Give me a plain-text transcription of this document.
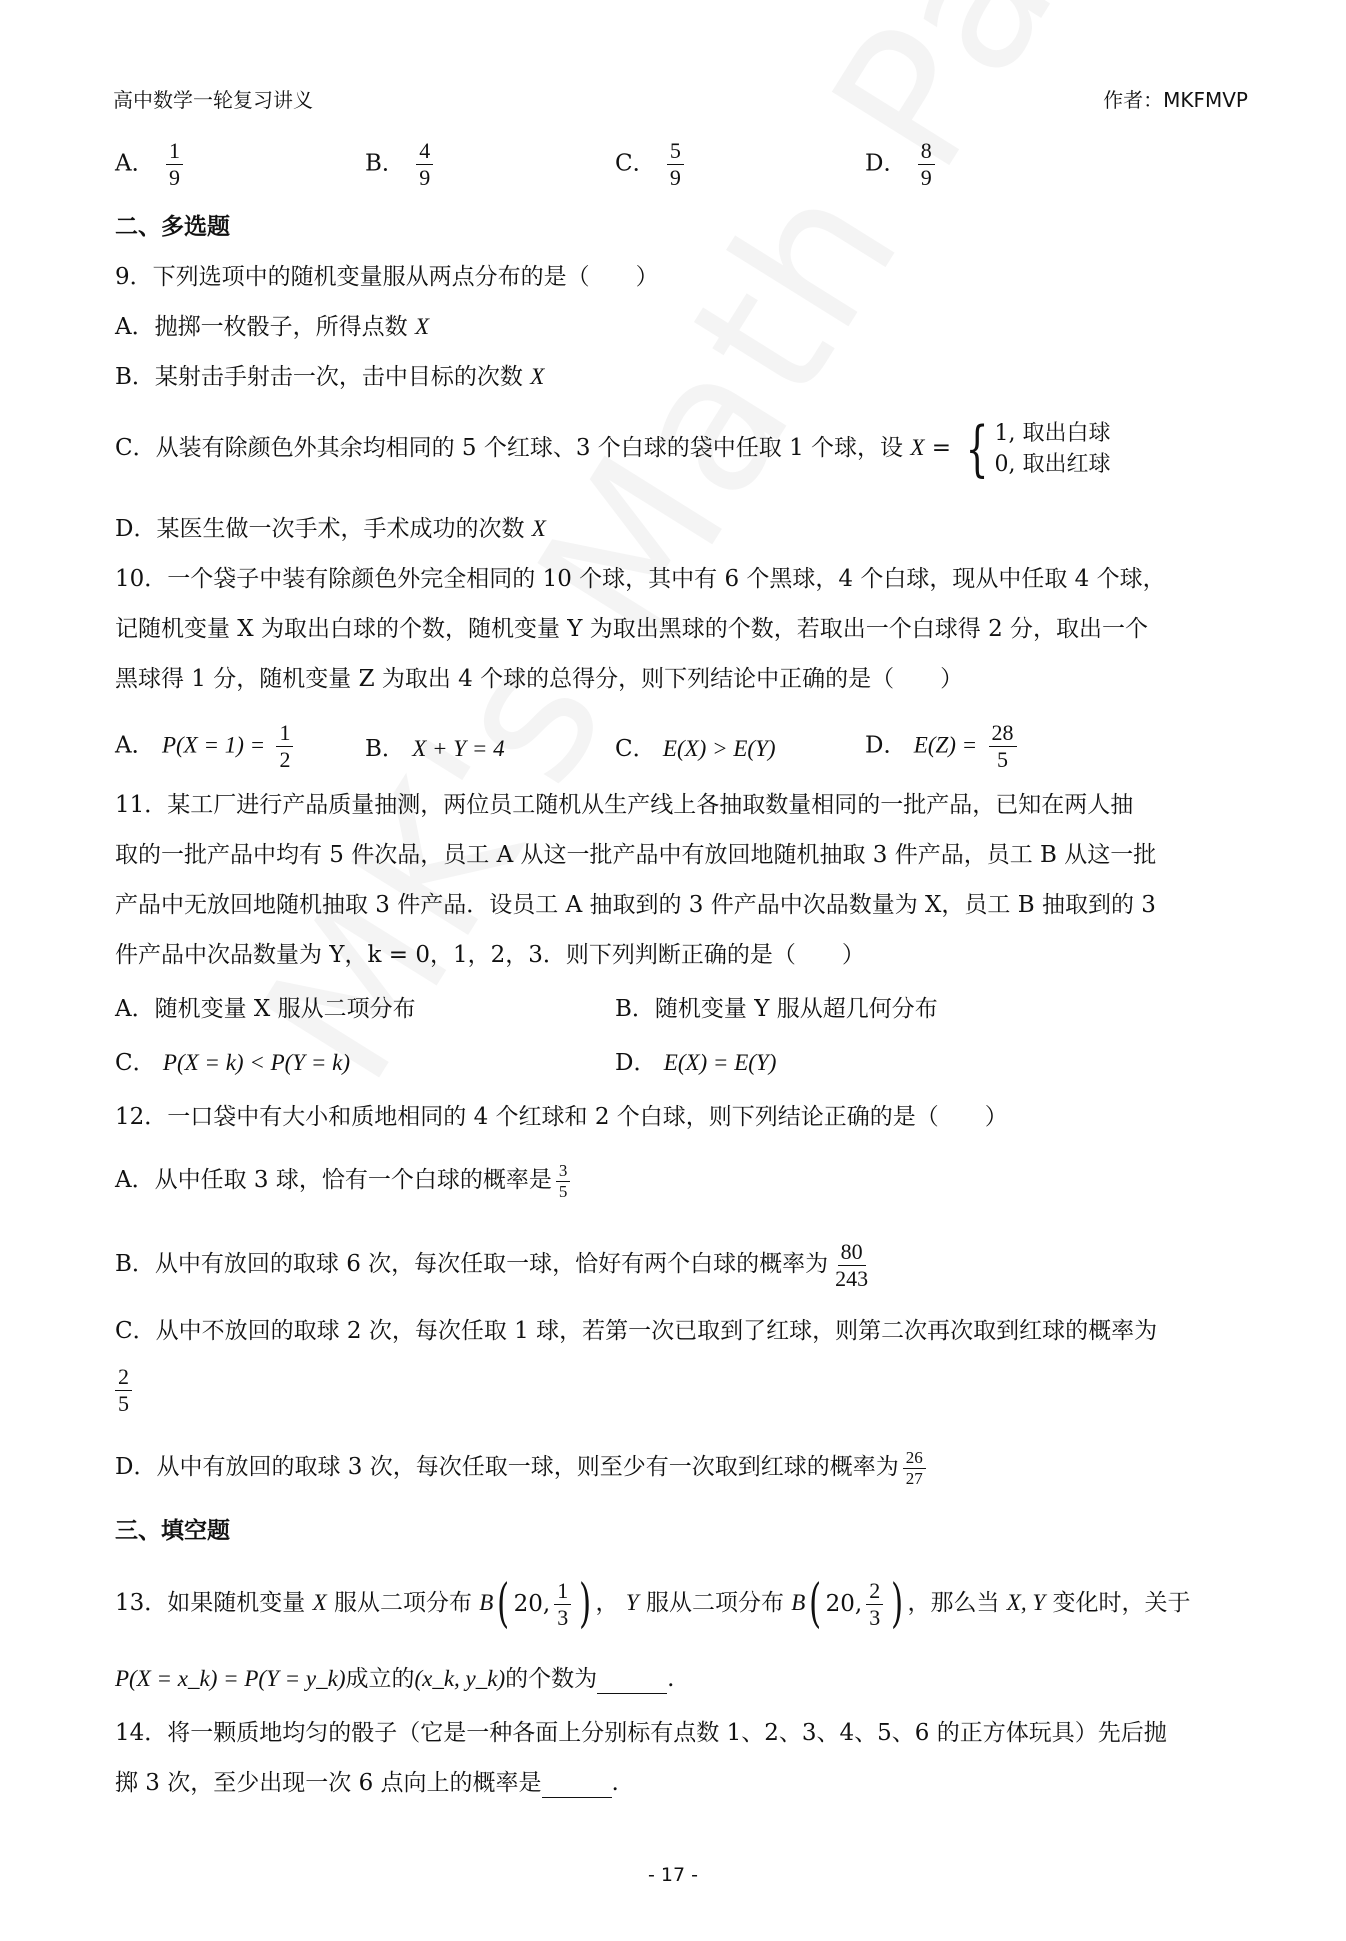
高中数学一轮复习讲义	作者：MKFMVP
A． $\frac{1}{9}$	B． $\frac{4}{9}$	C． $\frac{5}{9}$	D． $\frac{8}{9}$
二、多选题
9．下列选项中的随机变量服从两点分布的是（　　）
A．抛掷一枚骰子，所得点数 X
B．某射击手射击一次，击中目标的次数 X
C．从装有除颜色外其余均相同的 5 个红球、3 个白球的袋中任取 1 个球，设 X = { 1, 取出白球
0, 取出红球
D．某医生做一次手术，手术成功的次数 X
10．一个袋子中装有除颜色外完全相同的 10 个球，其中有 6 个黑球，4 个白球，现从中任取 4 个球，
记随机变量 X 为取出白球的个数，随机变量 Y 为取出黑球的个数，若取出一个白球得 2 分，取出一个
黑球得 1 分，随机变量 Z 为取出 4 个球的总得分，则下列结论中正确的是（　　）
A． $P(X = 1) = \frac{1}{2}$	B． X + Y = 4	C． E(X) > E(Y)	D． $E(Z) = \frac{28}{5}$
11．某工厂进行产品质量抽测，两位员工随机从生产线上各抽取数量相同的一批产品，已知在两人抽
取的一批产品中均有 5 件次品，员工 A 从这一批产品中有放回地随机抽取 3 件产品，员工 B 从这一批
产品中无放回地随机抽取 3 件产品．设员工 A 抽取到的 3 件产品中次品数量为 X，员工 B 抽取到的 3
件产品中次品数量为 Y，k = 0，1，2，3．则下列判断正确的是（　　）
A．随机变量 X 服从二项分布	B．随机变量 Y 服从超几何分布
C． P(X = k) < P(Y = k)	D． E(X) = E(Y)
12．一口袋中有大小和质地相同的 4 个红球和 2 个白球，则下列结论正确的是（　　）
A．从中任取 3 球，恰有一个白球的概率是 $\frac{3}{5}$
B．从中有放回的取球 6 次，每次任取一球，恰好有两个白球的概率为 $\frac{80}{243}$
C．从中不放回的取球 2 次，每次任取 1 球，若第一次已取到了红球，则第二次再次取到红球的概率为
$\frac{2}{5}$
D．从中有放回的取球 3 次，每次任取一球，则至少有一次取到红球的概率为 $\frac{26}{27}$
三、填空题
13．如果随机变量 X 服从二项分布 B ( 20, $\frac{1}{3}$ ) ， Y 服从二项分布 B ( 20, $\frac{2}{3}$ ) ，那么当 X, Y 变化时，关于
P(X = x_k) = P(Y = y_k)成立的(x_k, y_k)的个数为	.
14．将一颗质地均匀的骰子（它是一种各面上分别标有点数 1、2、3、4、5、6 的正方体玩具）先后抛
掷 3 次，至少出现一次 6 点向上的概率是	.
- 17 -
